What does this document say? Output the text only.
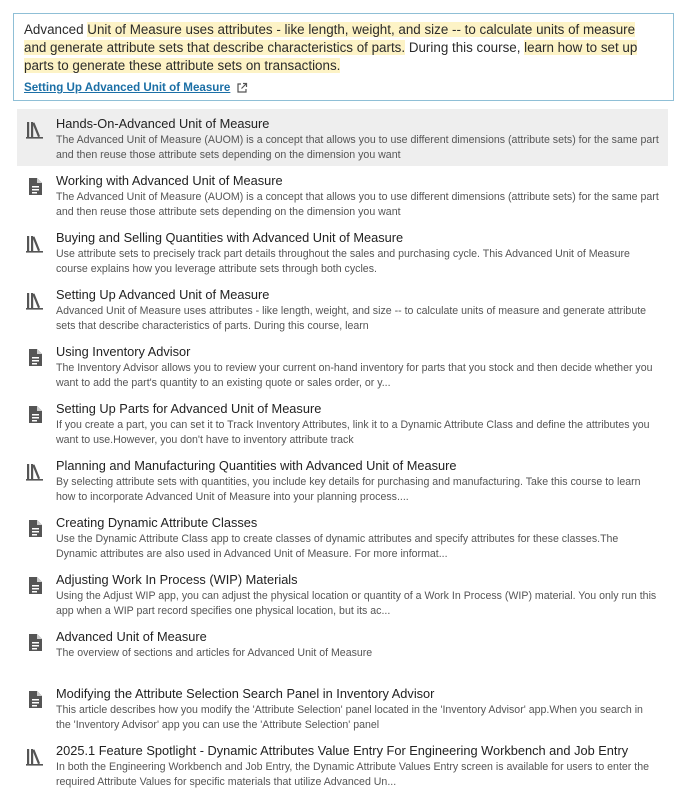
Advanced Unit of Measure uses attributes - like length, weight, and size -- to calculate units of measure and generate attribute sets that describe characteristics of parts. During this course, learn how to set up parts to generate these attribute sets on transactions.

Setting Up Advanced Unit of Measure
Hands-On-Advanced Unit of Measure
The Advanced Unit of Measure (AUOM) is a concept that allows you to use different dimensions (attribute sets) for the same part and then reuse those attribute sets depending on the dimension you want
Working with Advanced Unit of Measure
The Advanced Unit of Measure (AUOM) is a concept that allows you to use different dimensions (attribute sets) for the same part and then reuse those attribute sets depending on the dimension you want
Buying and Selling Quantities with Advanced Unit of Measure
Use attribute sets to precisely track part details throughout the sales and purchasing cycle. This Advanced Unit of Measure course explains how you leverage attribute sets through both cycles.
Setting Up Advanced Unit of Measure
Advanced Unit of Measure uses attributes - like length, weight, and size -- to calculate units of measure and generate attribute sets that describe characteristics of parts. During this course, learn
Using Inventory Advisor
The Inventory Advisor allows you to review your current on-hand inventory for parts that you stock and then decide whether you want to add the part's quantity to an existing quote or sales order, or y...
Setting Up Parts for Advanced Unit of Measure
If you create a part, you can set it to Track Inventory Attributes, link it to a Dynamic Attribute Class and define the attributes you want to use.However, you don't have to inventory attribute track
Planning and Manufacturing Quantities with Advanced Unit of Measure
By selecting attribute sets with quantities, you include key details for purchasing and manufacturing. Take this course to learn how to incorporate Advanced Unit of Measure into your planning process....
Creating Dynamic Attribute Classes
Use the Dynamic Attribute Class app to create classes of dynamic attributes and specify attributes for these classes.The Dynamic attributes are also used in Advanced Unit of Measure. For more informat...
Adjusting Work In Process (WIP) Materials
Using the Adjust WIP app, you can adjust the physical location or quantity of a Work In Process (WIP) material. You only run this app when a WIP part record specifies one physical location, but its ac...
Advanced Unit of Measure
The overview of sections and articles for Advanced Unit of Measure
Modifying the Attribute Selection Search Panel in Inventory Advisor
This article describes how you modify the 'Attribute Selection' panel located in the 'Inventory Advisor' app.When you search in the 'Inventory Advisor' app you can use the 'Attribute Selection' panel
2025.1 Feature Spotlight - Dynamic Attributes Value Entry For Engineering Workbench and Job Entry
In both the Engineering Workbench and Job Entry, the Dynamic Attribute Values Entry screen is available for users to enter the required Attribute Values for specific materials that utilize Advanced Un...
